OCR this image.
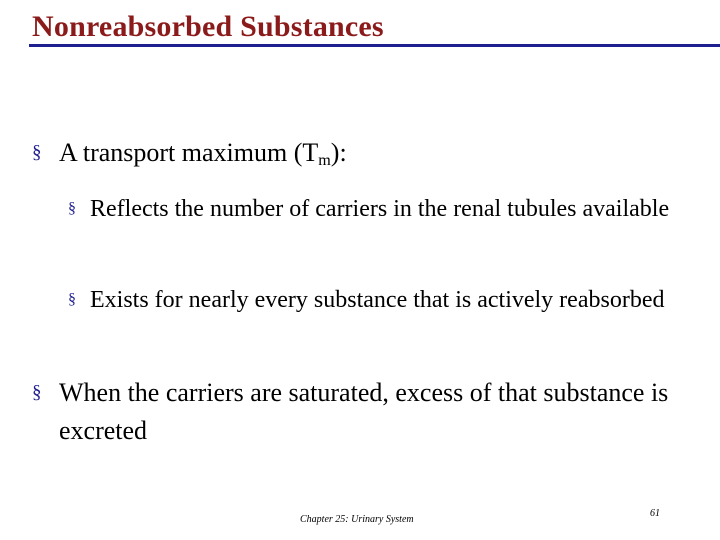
Nonreabsorbed Substances
§ A transport maximum $(T_m)$:
§ Reflects the number of carriers in the renal tubules available
§ Exists for nearly every substance that is actively reabsorbed
§ When the carriers are saturated, excess of that substance is excreted
Chapter 25: Urinary System
61
